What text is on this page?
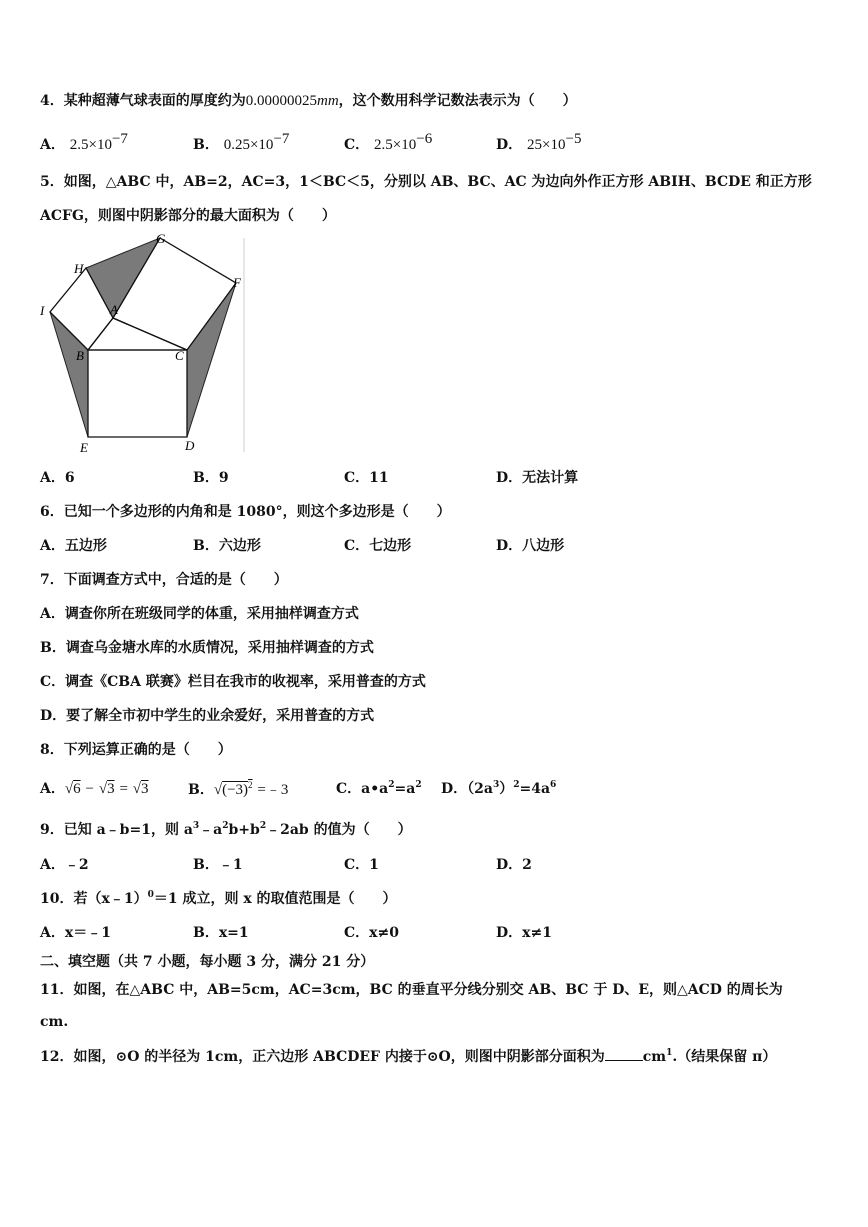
4．某种超薄气球表面的厚度约为0.00000025mm，这个数用科学记数法表示为（　　）
A． $2.5\times 10^{-7}$	B． $0.25\times 10^{-7}$	C． $2.5\times 10^{-6}$	D． $25\times 10^{-5}$
5．如图，△ABC 中，AB=2，AC=3，1＜BC＜5，分别以 AB、BC、AC 为边向外作正方形 ABIH、BCDE 和正方形
ACFG，则图中阴影部分的最大面积为（　　）
G
H
F
I	A
B	C
E	D
A．6	B．9	C．11	D．无法计算
6．已知一个多边形的内角和是 1080°，则这个多边形是（　　）
A．五边形	B．六边形	C．七边形	D．八边形
7．下面调查方式中，合适的是（　　）
A．调查你所在班级同学的体重，采用抽样调查方式
B．调查乌金塘水库的水质情况，采用抽样调查的方式
C．调查《CBA 联赛》栏目在我市的收视率，采用普查的方式
D．要了解全市初中学生的业余爱好，采用普查的方式
8．下列运算正确的是（　　）
A．√6 − √3 = √3	B．$√(-3)^2$ =﹣3	C．$a•a^2=a^2$ D．$(2a^3)^2=4a^6$
9．已知 a﹣b=1，则 $a^3﹣a^2b+b^2﹣2ab$ 的值为（　　）
A．﹣2	B．﹣1	C．1	D．2
10．若（x﹣1）$^0$＝1 成立，则 x 的取值范围是（　　）
A．x＝﹣1	B．x=1	C．x≠0	D．x≠1
二、填空题（共 7 小题，每小题 3 分，满分 21 分）
11．如图，在△ABC 中，AB=5cm，AC=3cm，BC 的垂直平分线分别交 AB、BC 于 D、E，则△ACD 的周长为
cm.
12．如图，⊙O 的半径为 1cm，正六边形 ABCDEF 内接于⊙O，则图中阴影部分面积为	$cm^1$.（结果保留 π）
